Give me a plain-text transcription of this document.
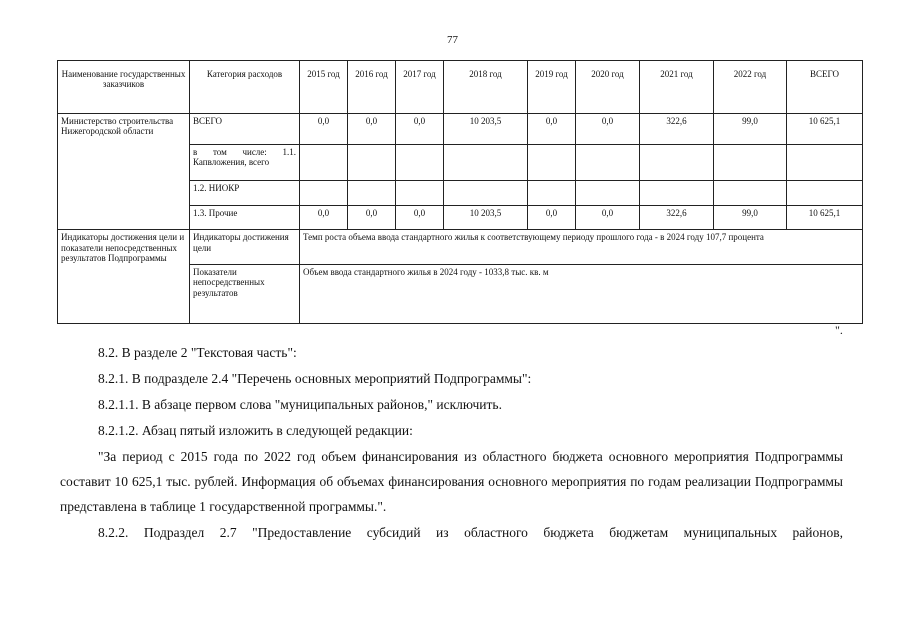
77
Наименование государственных заказчиков	Категория расходов	2015 год	2016 год	2017 год	2018 год	2019 год	2020 год	2021 год	2022 год	ВСЕГО
Министерство строительства Нижегородской области	ВСЕГО	0,0	0,0	0,0	10 203,5	0,0	0,0	322,6	99,0	10 625,1
	в том числе: 1.1. Капвложения, всего									
	1.2. НИОКР									
	1.3. Прочие	0,0	0,0	0,0	10 203,5	0,0	0,0	322,6	99,0	10 625,1
Индикаторы достижения цели и показатели непосредственных результатов Подпрограммы	Индикаторы достижения цели	Темп роста объема ввода стандартного жилья к соответствующему периоду прошлого года - в 2024 году 107,7 процента								
	Показатели непосредственных результатов	Объем ввода стандартного жилья в 2024 году - 1033,8 тыс. кв. м								
".
8.2. В разделе 2 "Текстовая часть":
8.2.1. В подразделе 2.4 "Перечень основных мероприятий Подпрограммы":
8.2.1.1. В абзаце первом слова "муниципальных районов," исключить.
8.2.1.2. Абзац пятый изложить в следующей редакции:
"За период с 2015 года по 2022 год объем финансирования из областного бюджета основного мероприятия Подпрограммы составит 10 625,1 тыс. рублей. Информация об объемах финансирования основного мероприятия по годам реализации Подпрограммы представлена в таблице 1 государственной программы.".
8.2.2. Подраздел 2.7 "Предоставление субсидий из областного бюджета бюджетам муниципальных районов,
